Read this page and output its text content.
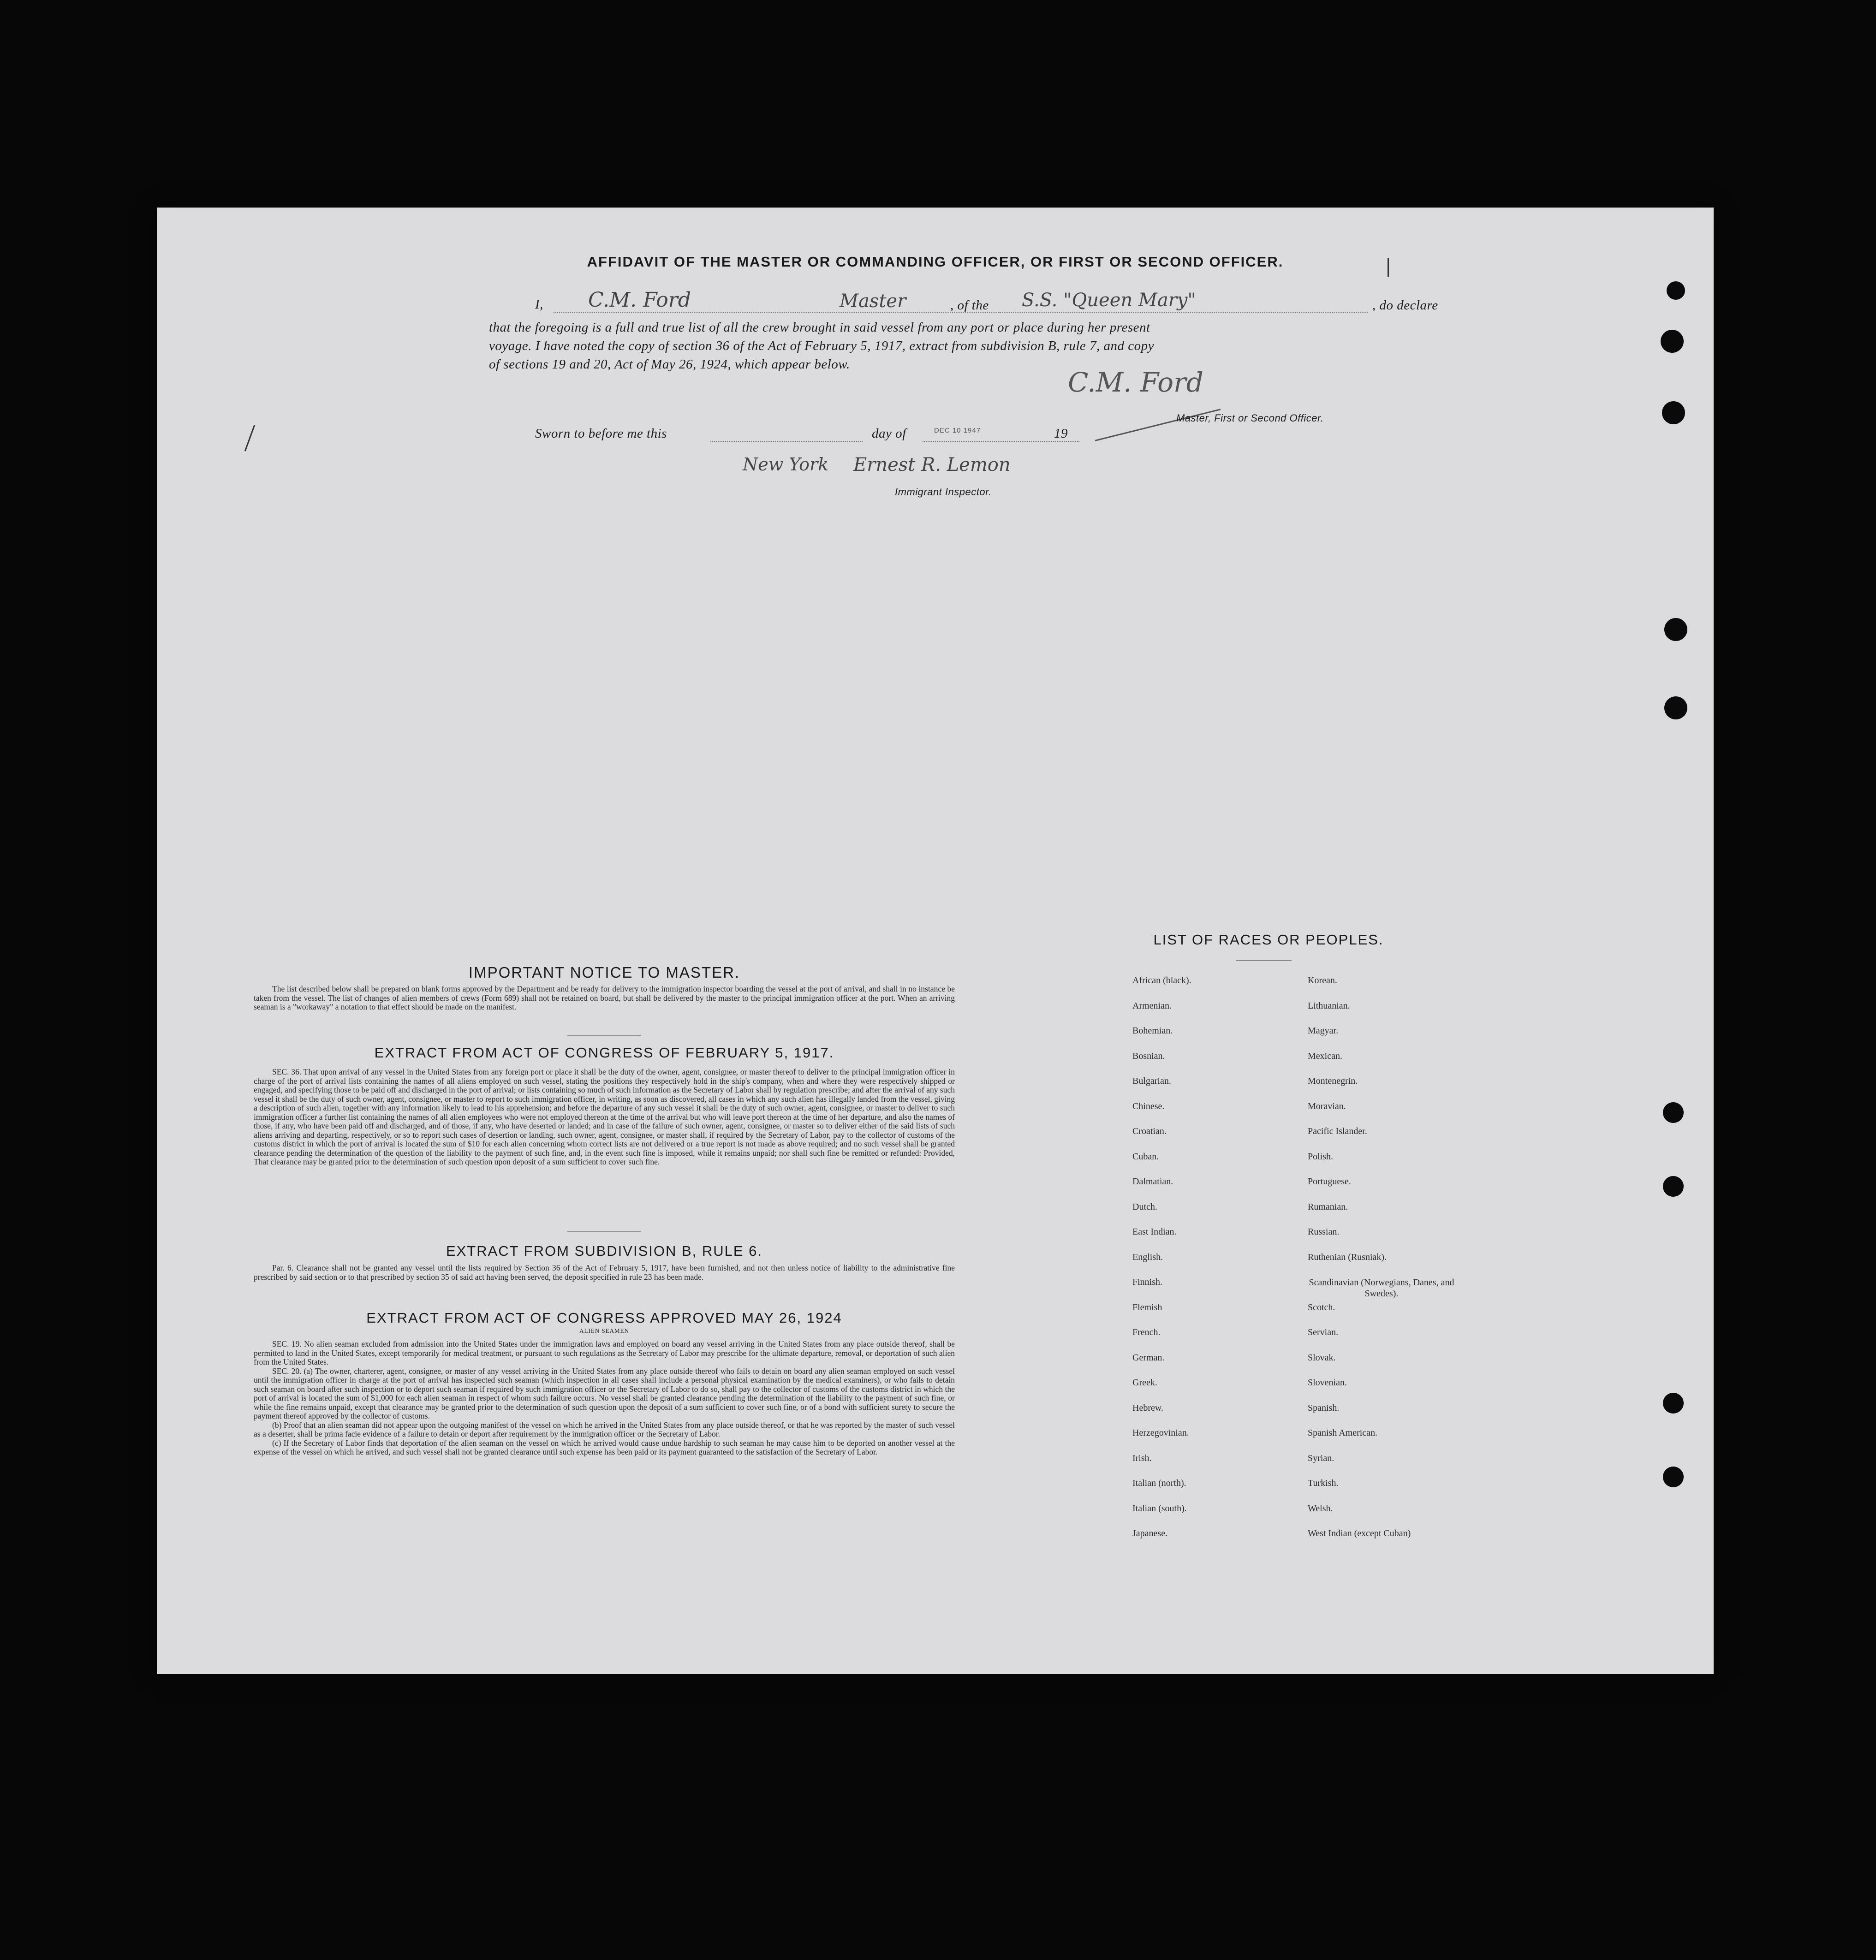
AFFIDAVIT OF THE MASTER OR COMMANDING OFFICER, OR FIRST OR SECOND OFFICER.
I,	C.M. Ford	Master	, of the S.S. "Queen Mary"	, do declare
that the foregoing is a full and true list of all the crew brought in said vessel from any port or place during her present
voyage. I have noted the copy of section 36 of the Act of February 5, 1917, extract from subdivision B, rule 7, and copy
of sections 19 and 20, Act of May 26, 1924, which appear below.
C.M. Ford
Master, First or Second Officer.
Sworn to before me this	day of	DEC 10 1947	19
New York Ernest R. Lemon
Immigrant Inspector.
IMPORTANT NOTICE TO MASTER.

The list described below shall be prepared on blank forms approved by the Department and be ready for delivery to the immigration inspector boarding the vessel at the port of arrival, and shall in no instance be taken from the vessel. The list of changes of alien members of crews (Form 689) shall not be retained on board, but shall be delivered by the master to the principal immigration officer at the port. When an arriving seaman is a "workaway" a notation to that effect should be made on the manifest.

EXTRACT FROM ACT OF CONGRESS OF FEBRUARY 5, 1917.

SEC. 36. That upon arrival of any vessel in the United States from any foreign port or place it shall be the duty of the owner, agent, consignee, or master thereof to deliver to the principal immigration officer in charge of the port of arrival lists containing the names of all aliens employed on such vessel, stating the positions they respectively hold in the ship's company, when and where they were respectively shipped or engaged, and specifying those to be paid off and discharged in the port of arrival; or lists containing so much of such information as the Secretary of Labor shall by regulation prescribe; and after the arrival of any such vessel it shall be the duty of such owner, agent, consignee, or master to report to such immigration officer, in writing, as soon as discovered, all cases in which any such alien has illegally landed from the vessel, giving a description of such alien, together with any information likely to lead to his apprehension; and before the departure of any such vessel it shall be the duty of such owner, agent, consignee, or master to deliver to such immigration officer a further list containing the names of all alien employees who were not employed thereon at the time of the arrival but who will leave port thereon at the time of her departure, and also the names of those, if any, who have been paid off and discharged, and of those, if any, who have deserted or landed; and in case of the failure of such owner, agent, consignee, or master so to deliver either of the said lists of such aliens arriving and departing, respectively, or so to report such cases of desertion or landing, such owner, agent, consignee, or master shall, if required by the Secretary of Labor, pay to the collector of customs of the customs district in which the port of arrival is located the sum of $10 for each alien concerning whom correct lists are not delivered or a true report is not made as above required; and no such vessel shall be granted clearance pending the determination of the question of the liability to the payment of such fine, and, in the event such fine is imposed, while it remains unpaid; nor shall such fine be remitted or refunded: Provided, That clearance may be granted prior to the determination of such question upon deposit of a sum sufficient to cover such fine.

EXTRACT FROM SUBDIVISION B, RULE 6.

Par. 6. Clearance shall not be granted any vessel until the lists required by Section 36 of the Act of February 5, 1917, have been furnished, and not then unless notice of liability to the administrative fine prescribed by said section or to that prescribed by section 35 of said act having been served, the deposit specified in rule 23 has been made.

EXTRACT FROM ACT OF CONGRESS APPROVED MAY 26, 1924
ALIEN SEAMEN

SEC. 19. No alien seaman excluded from admission into the United States under the immigration laws and employed on board any vessel arriving in the United States from any place outside thereof, shall be permitted to land in the United States, except temporarily for medical treatment, or pursuant to such regulations as the Secretary of Labor may prescribe for the ultimate departure, removal, or deportation of such alien from the United States.

SEC. 20. (a) The owner, charterer, agent, consignee, or master of any vessel arriving in the United States from any place outside thereof who fails to detain on board any alien seaman employed on such vessel until the immigration officer in charge at the port of arrival has inspected such seaman (which inspection in all cases shall include a personal physical examination by the medical examiners), or who fails to detain such seaman on board after such inspection or to deport such seaman if required by such immigration officer or the Secretary of Labor to do so, shall pay to the collector of customs of the customs district in which the port of arrival is located the sum of $1,000 for each alien seaman in respect of whom such failure occurs. No vessel shall be granted clearance pending the determination of the liability to the payment of such fine, or while the fine remains unpaid, except that clearance may be granted prior to the determination of such question upon the deposit of a sum sufficient to cover such fine, or of a bond with sufficient surety to secure the payment thereof approved by the collector of customs.

(b) Proof that an alien seaman did not appear upon the outgoing manifest of the vessel on which he arrived in the United States from any place outside thereof, or that he was reported by the master of such vessel as a deserter, shall be prima facie evidence of a failure to detain or deport after requirement by the immigration officer or the Secretary of Labor.

(c) If the Secretary of Labor finds that deportation of the alien seaman on the vessel on which he arrived would cause undue hardship to such seaman he may cause him to be deported on another vessel at the expense of the vessel on which he arrived, and such vessel shall not be granted clearance until such expense has been paid or its payment guaranteed to the satisfaction of the Secretary of Labor.

LIST OF RACES OR PEOPLES.
African (black).
Armenian.
Bohemian.
Bosnian.
Bulgarian.
Chinese.
Croatian.
Cuban.
Dalmatian.
Dutch.
East Indian.
English.
Finnish.
Flemish
French.
German.
Greek.
Hebrew.
Herzegovinian.
Irish.
Italian (north).
Italian (south).
Japanese.
Korean.
Lithuanian.
Magyar.
Mexican.
Montenegrin.
Moravian.
Pacific Islander.
Polish.
Portuguese.
Rumanian.
Russian.
Ruthenian (Rusniak).
Scandinavian (Norwegians, Danes, and Swedes).
Scotch.
Servian.
Slovak.
Slovenian.
Spanish.
Spanish American.
Syrian.
Turkish.
Welsh.
West Indian (except Cuban)
